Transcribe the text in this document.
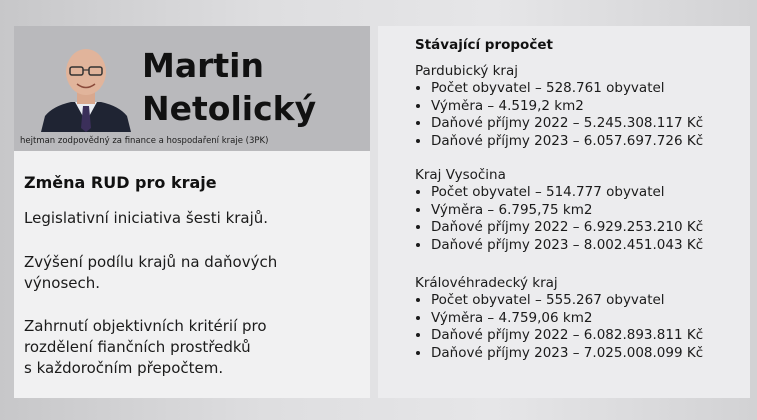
Martin
Netolický
hejtman zodpovědný za finance a hospodaření kraje (3PK)
Změna RUD pro kraje
Legislativní iniciativa šesti krajů.
Zvýšení podílu krajů na daňových
výnosech.
Zahrnutí objektivních kritérií pro
rozdělení fiančních prostředků
s každoročním přepočtem.
Stávající propočet
Pardubický kraj
• Počet obyvatel – 528.761 obyvatel
• Výměra – 4.519,2 km2
• Daňové příjmy 2022 – 5.245.308.117 Kč
• Daňové příjmy 2023 – 6.057.697.726 Kč
Kraj Vysočina
• Počet obyvatel – 514.777 obyvatel
• Výměra – 6.795,75 km2
• Daňové příjmy 2022 – 6.929.253.210 Kč
• Daňové příjmy 2023 – 8.002.451.043 Kč
Královéhradecký kraj
• Počet obyvatel – 555.267 obyvatel
• Výměra – 4.759,06 km2
• Daňové příjmy 2022 – 6.082.893.811 Kč
• Daňové příjmy 2023 – 7.025.008.099 Kč
